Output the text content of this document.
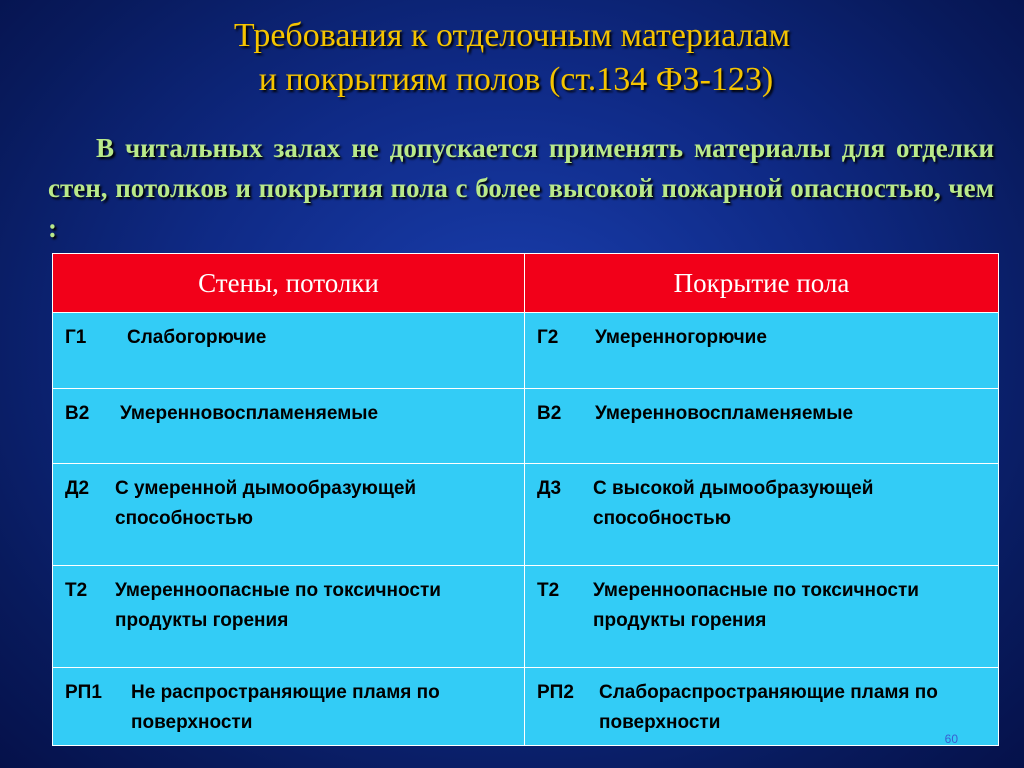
Требования к отделочным материалам
и покрытиям полов (ст.134 ФЗ-123)
В читальных залах не допускается применять материалы для отделки стен, потолков и покрытия пола с более высокой пожарной опасностью, чем :
Стены, потолки	Покрытие пола

Г1 Слабогорючие	Г2 Умеренногорючие

В2 Умеренновоспламеняемые	В2 Умеренновоспламеняемые

Д2 С умеренной дымообразующей способностью	Д3 С высокой дымообразующей способностью

Т2 Умеренноопасные по токсичности продукты горения	Т2 Умеренноопасные по токсичности продукты горения

РП1 Не распространяющие пламя по поверхности	РП2 Слабораспространяющие пламя по поверхности
60
